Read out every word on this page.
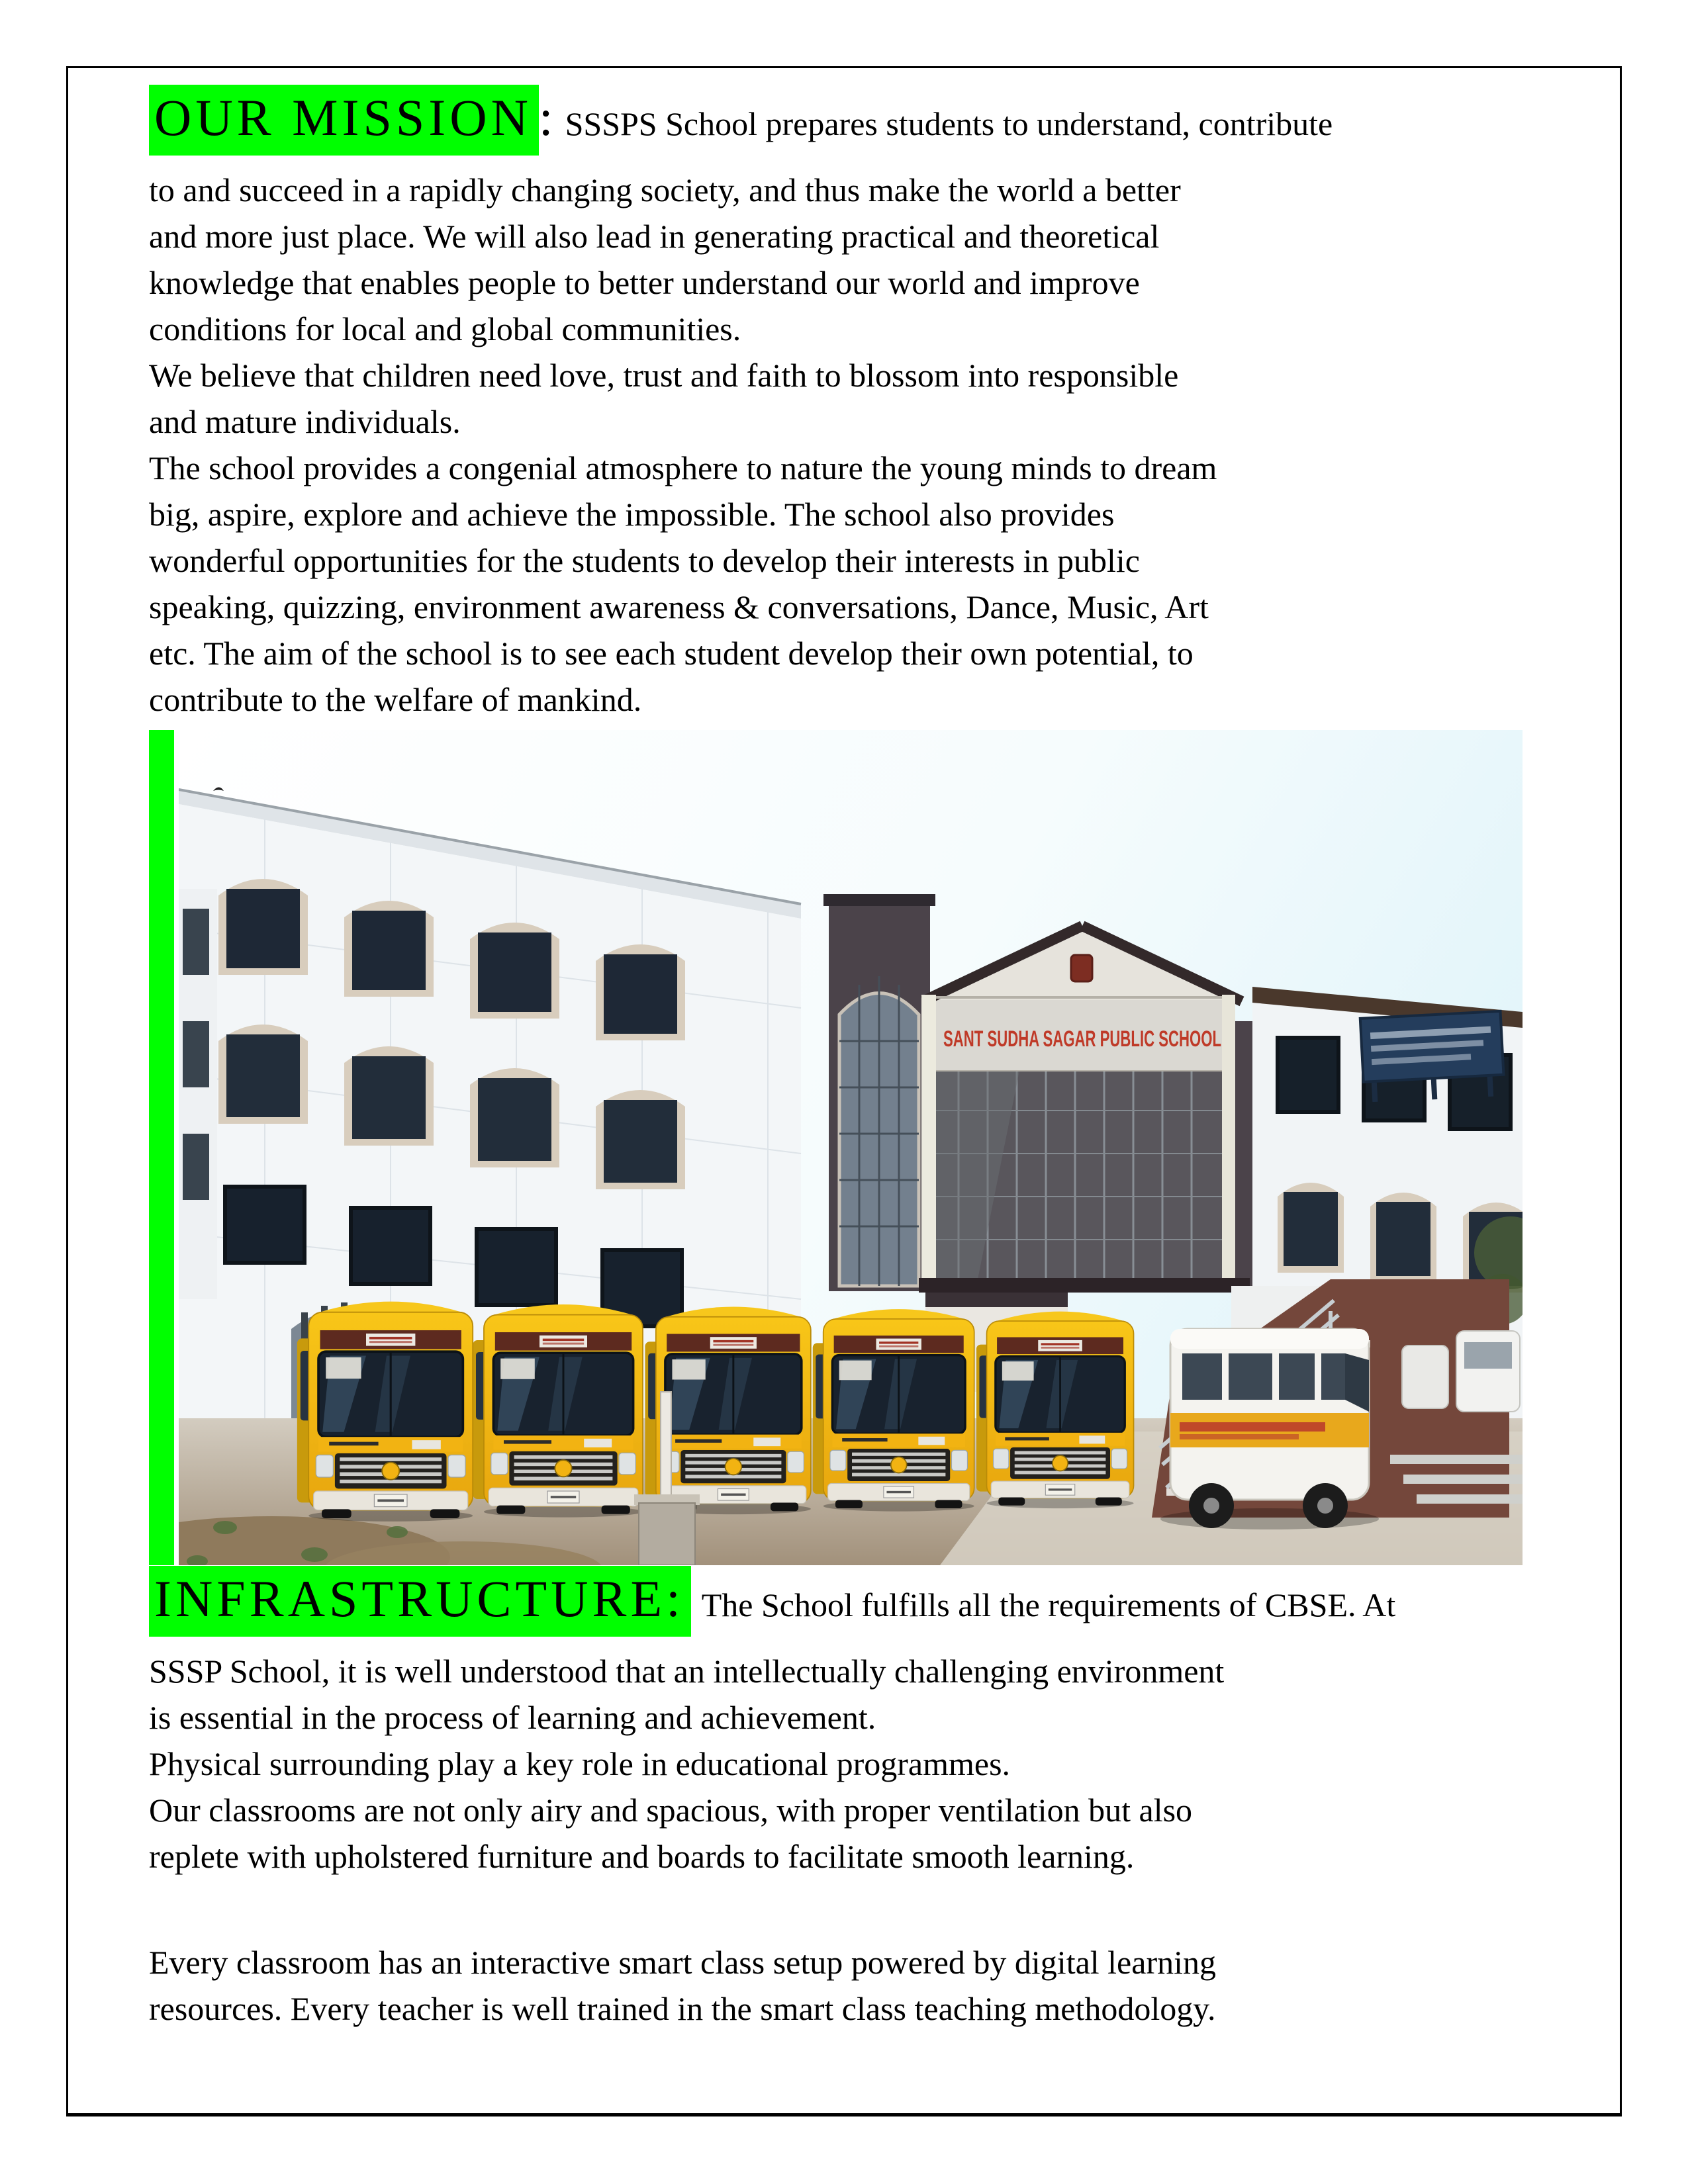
OUR MISSION : SSSPS School prepares students to understand, contribute
to and succeed in a rapidly changing society, and thus make the world a better
and more just place. We will also lead in generating practical and theoretical
knowledge that enables people to better understand our world and improve
conditions for local and global communities.
We believe that children need love, trust and faith to blossom into responsible
and mature individuals.
The school provides a congenial atmosphere to nature the young minds to dream
big, aspire, explore and achieve the impossible. The school also provides
wonderful opportunities for the students to develop their interests in public
speaking, quizzing, environment awareness & conversations, Dance, Music, Art
etc. The aim of the school is to see each student develop their own potential, to
contribute to the welfare of mankind.
SANT SUDHA SAGAR PUBLIC SCHOOL
INFRASTRUCTURE: The School fulfills all the requirements of CBSE. At
SSSP School, it is well understood that an intellectually challenging environment
is essential in the process of learning and achievement.
Physical surrounding play a key role in educational programmes.
Our classrooms are not only airy and spacious, with proper ventilation but also
replete with upholstered furniture and boards to facilitate smooth learning.
Every classroom has an interactive smart class setup powered by digital learning
resources. Every teacher is well trained in the smart class teaching methodology.
